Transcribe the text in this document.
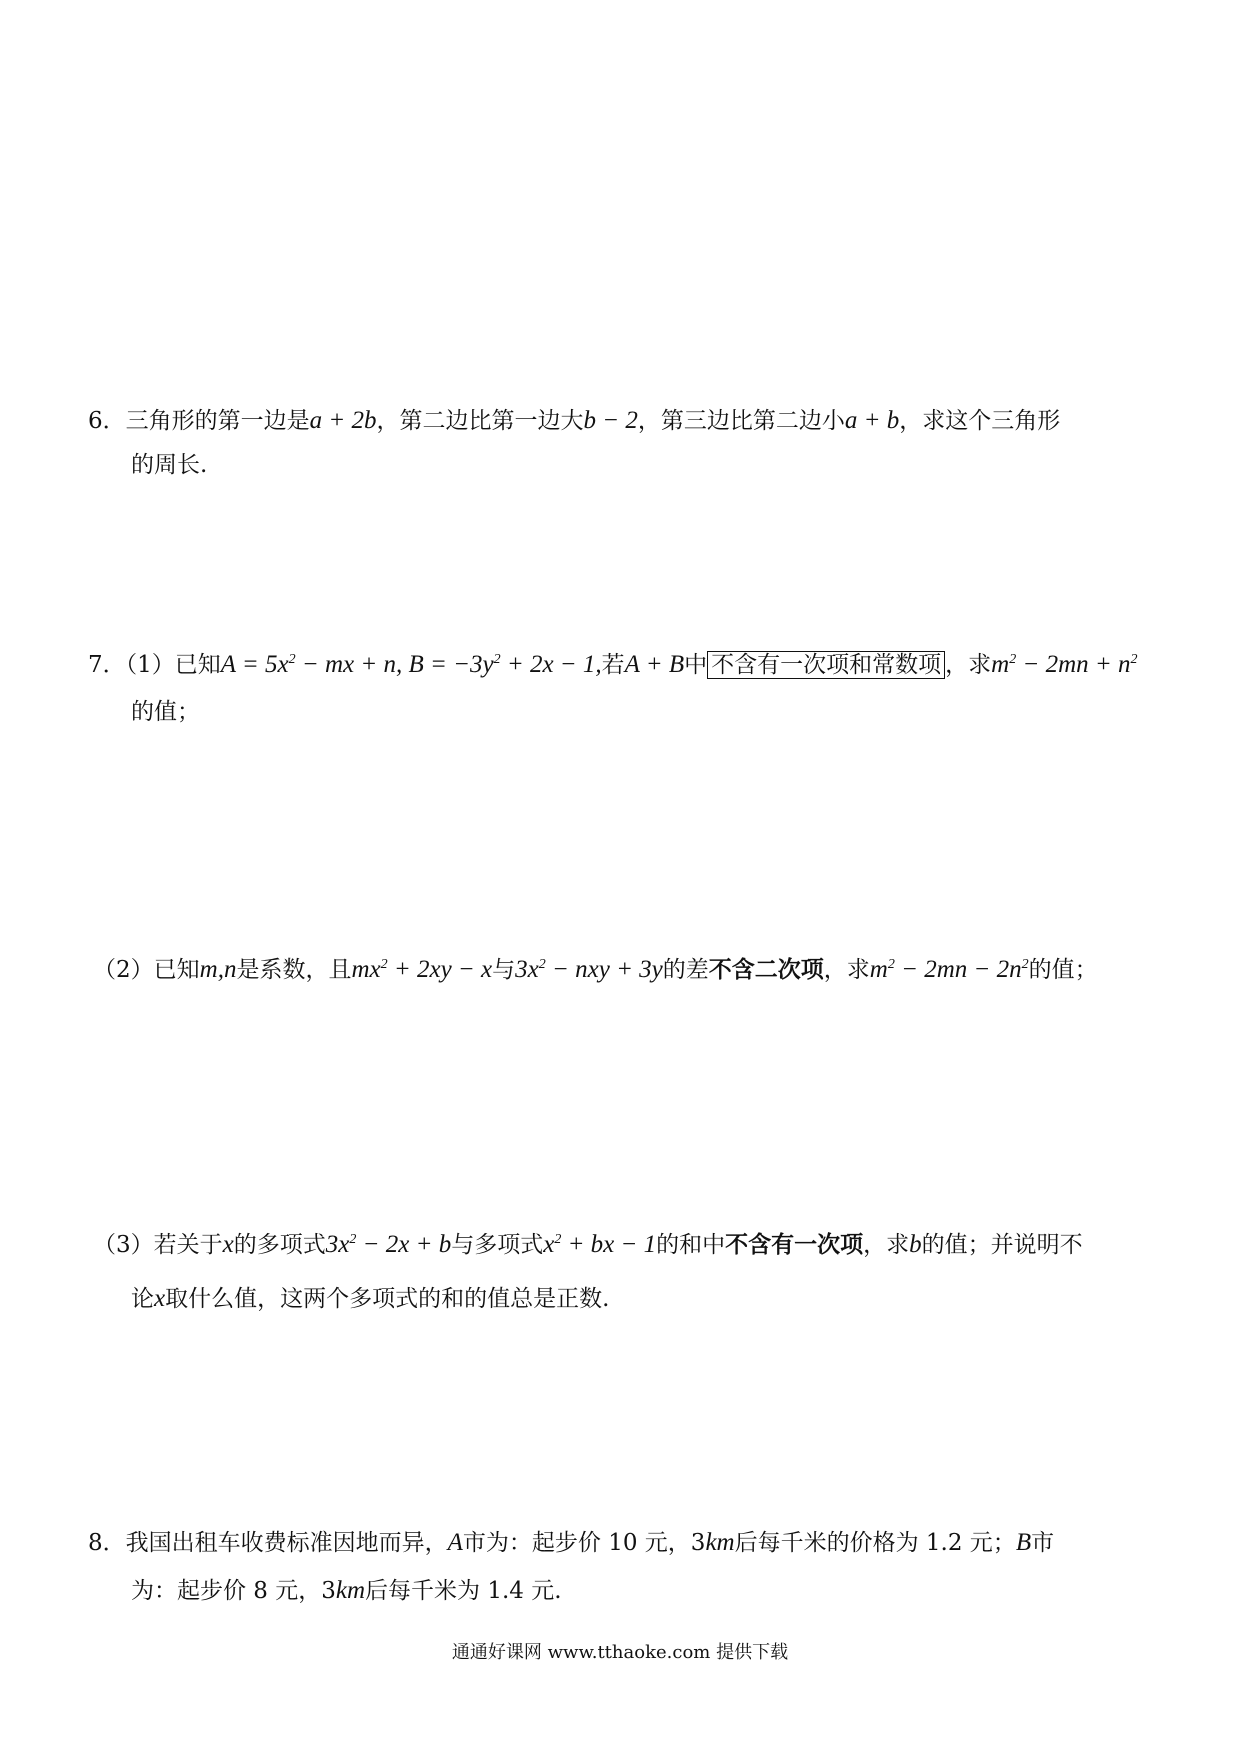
6．三角形的第一边是a + 2b，第二边比第一边大b − 2，第三边比第二边小a + b，求这个三角形
的周长.
7．（1）已知$A = 5x^2$ − mx + n, $B = -3y^2 + 2x - 1$,若A + B中 不含有一次项和常数项 ，求$m^2 - 2mn + n^2$
的值；
（2）已知m,n是系数，且$mx^2 + 2xy - x$与$3x^2$ − nxy + 3y的差不含二次项，求$m^2 - 2mn - 2n^2$的值；
（3）若关于x的多项式$3x^2 - 2x + b$与多项式$x^2$ + bx − 1的和中不含有一次项，求b的值；并说明不
论x取什么值，这两个多项式的和的值总是正数.
8．我国出租车收费标准因地而异，A市为：起步价 10 元，3km后每千米的价格为 1.2 元；B市
为：起步价 8 元，3km后每千米为 1.4 元.
通通好课网 www.tthaoke.com 提供下载
